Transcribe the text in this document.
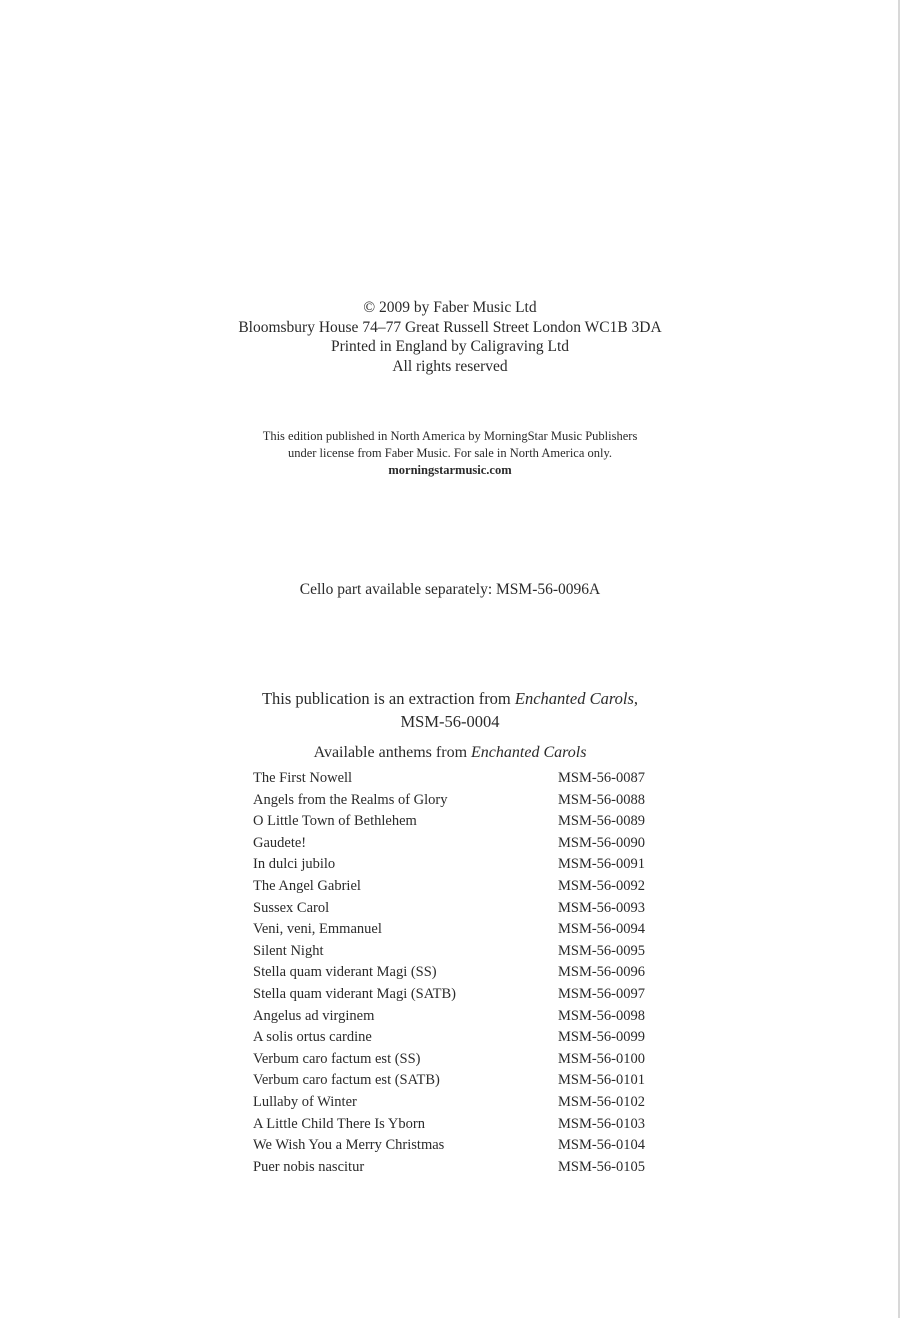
© 2009 by Faber Music Ltd
Bloomsbury House 74–77 Great Russell Street London WC1B 3DA
Printed in England by Caligraving Ltd
All rights reserved
This edition published in North America by MorningStar Music Publishers
under license from Faber Music. For sale in North America only.
morningstarmusic.com
Cello part available separately: MSM-56-0096A
This publication is an extraction from Enchanted Carols,
MSM-56-0004
Available anthems from Enchanted Carols
The First Nowell	MSM-56-0087
Angels from the Realms of Glory	MSM-56-0088
O Little Town of Bethlehem	MSM-56-0089
Gaudete!	MSM-56-0090
In dulci jubilo	MSM-56-0091
The Angel Gabriel	MSM-56-0092
Sussex Carol	MSM-56-0093
Veni, veni, Emmanuel	MSM-56-0094
Silent Night	MSM-56-0095
Stella quam viderant Magi (SS)	MSM-56-0096
Stella quam viderant Magi (SATB)	MSM-56-0097
Angelus ad virginem	MSM-56-0098
A solis ortus cardine	MSM-56-0099
Verbum caro factum est (SS)	MSM-56-0100
Verbum caro factum est (SATB)	MSM-56-0101
Lullaby of Winter	MSM-56-0102
A Little Child There Is Yborn	MSM-56-0103
We Wish You a Merry Christmas	MSM-56-0104
Puer nobis nascitur	MSM-56-0105
